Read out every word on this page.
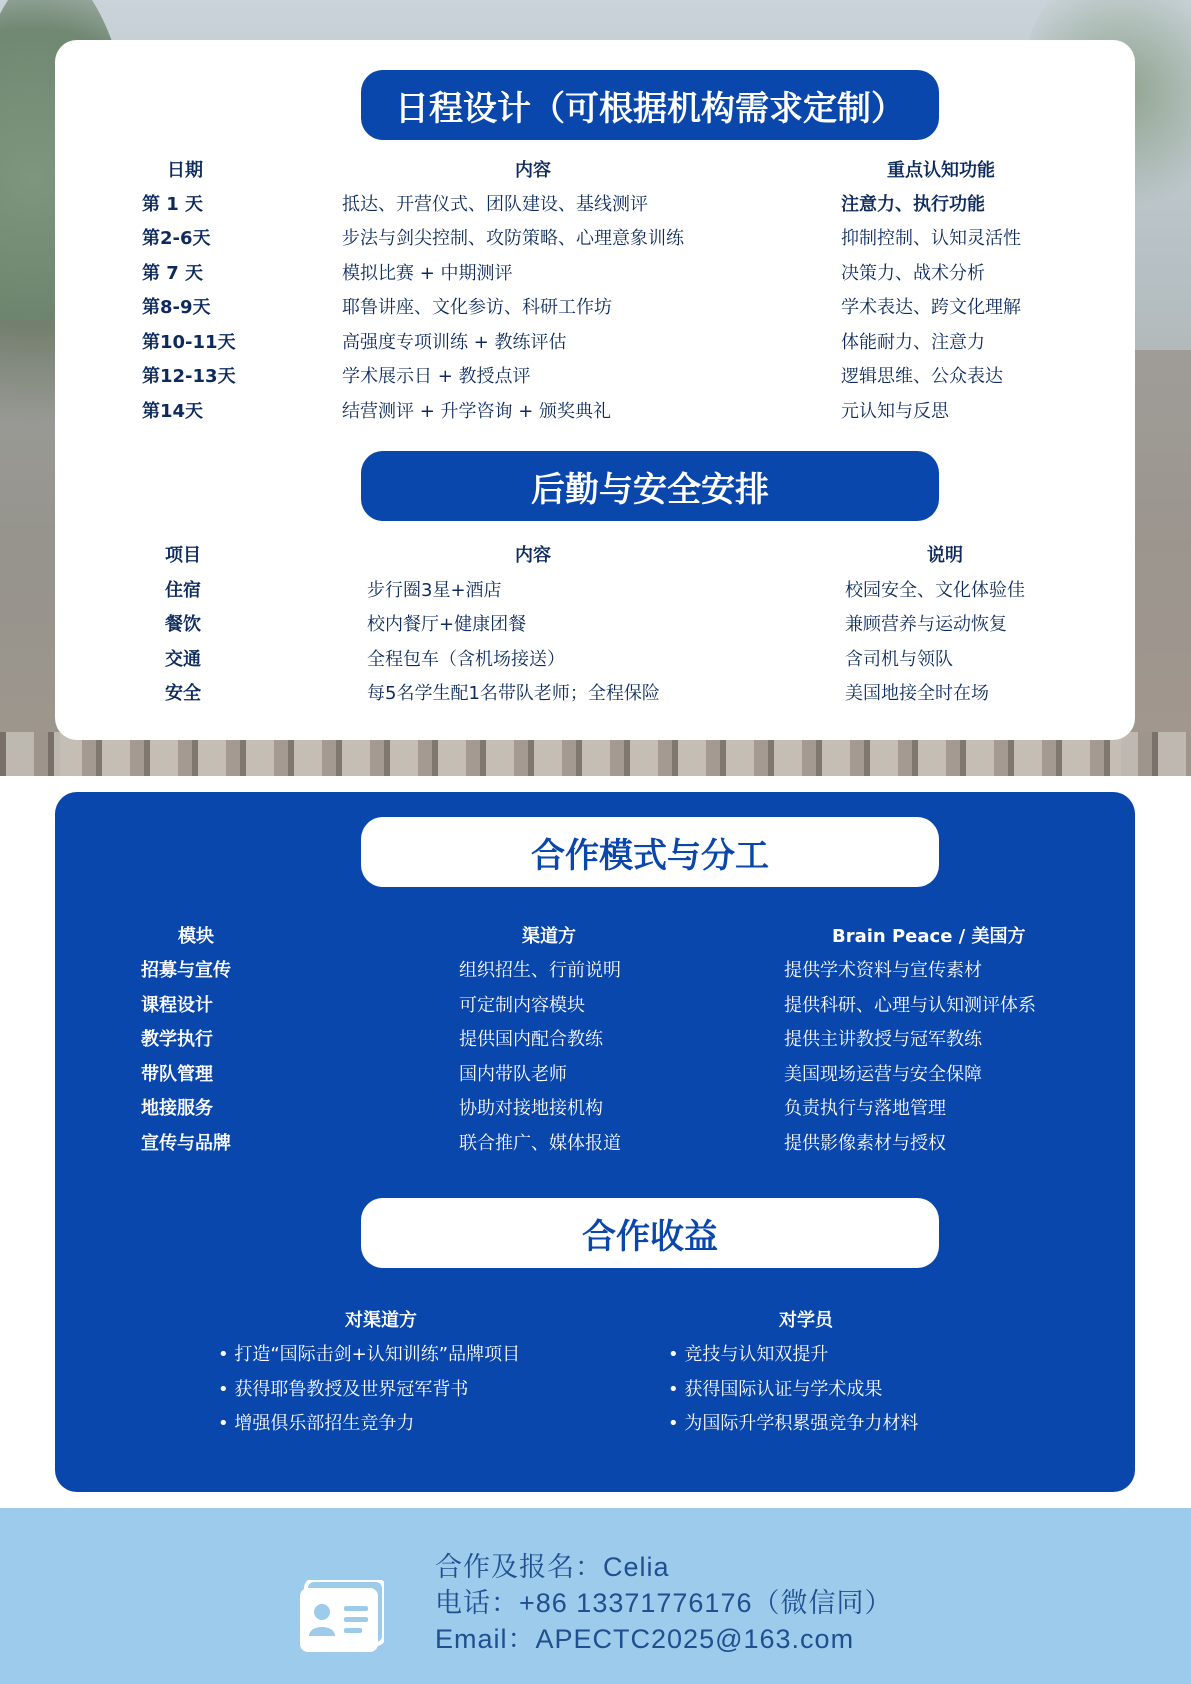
日程设计（可根据机构需求定制）
日期	内容	重点认知功能
第 1 天	抵达、开营仪式、团队建设、基线测评	注意力、执行功能
第2-6天	步法与剑尖控制、攻防策略、心理意象训练	抑制控制、认知灵活性
第 7 天	模拟比赛 + 中期测评	决策力、战术分析
第8-9天	耶鲁讲座、文化参访、科研工作坊	学术表达、跨文化理解
第10-11天	高强度专项训练 + 教练评估	体能耐力、注意力
第12-13天	学术展示日 + 教授点评	逻辑思维、公众表达
第14天	结营测评 + 升学咨询 + 颁奖典礼	元认知与反思
后勤与安全安排
项目	内容	说明
住宿	步行圈3星+酒店	校园安全、文化体验佳
餐饮	校内餐厅+健康团餐	兼顾营养与运动恢复
交通	全程包车（含机场接送）	含司机与领队
安全	每5名学生配1名带队老师；全程保险	美国地接全时在场
合作模式与分工
模块	渠道方	Brain Peace / 美国方
招募与宣传	组织招生、行前说明	提供学术资料与宣传素材
课程设计	可定制内容模块	提供科研、心理与认知测评体系
教学执行	提供国内配合教练	提供主讲教授与冠军教练
带队管理	国内带队老师	美国现场运营与安全保障
地接服务	协助对接地接机构	负责执行与落地管理
宣传与品牌	联合推广、媒体报道	提供影像素材与授权
合作收益
对渠道方	对学员
• 打造“国际击剑+认知训练”品牌项目
• 获得耶鲁教授及世界冠军背书
• 增强俱乐部招生竞争力
• 竞技与认知双提升
• 获得国际认证与学术成果
• 为国际升学积累强竞争力材料
合作及报名：Celia
电话：+86 13371776176（微信同）
Email：APECTC2025@163.com
